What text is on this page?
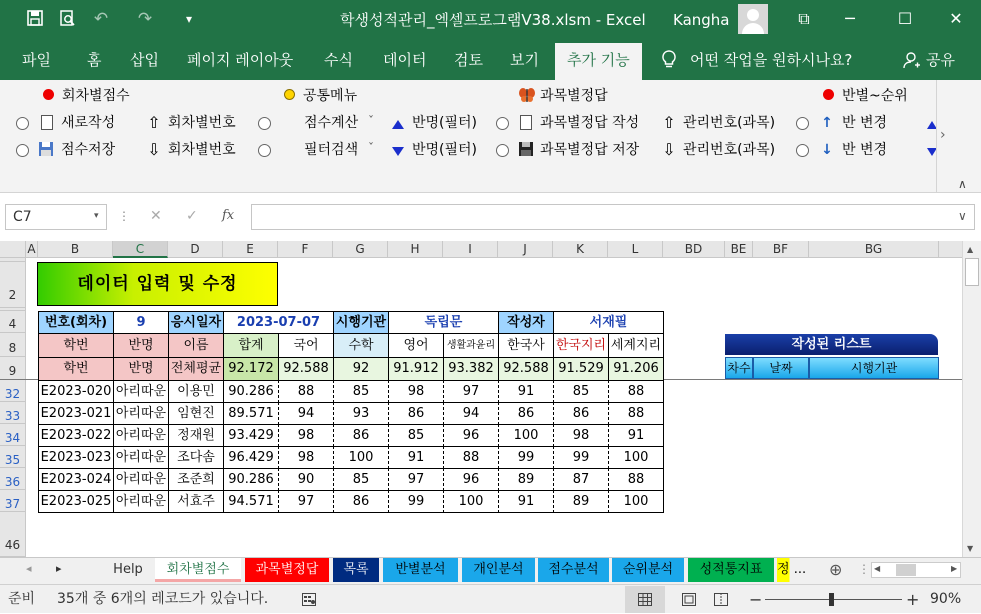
↶ ↷	▾	학생성적관리_엑셀프로그램V38.xlsm - Excel Kangha	⧉	─	☐	✕
파일 홈 삽입 페이지 레이아웃 수식 데이터 검토 보기	추가 기능	어떤 작업을 원하시나요?	공유
회차별점수
새로작성
점수저장
⇧ 회차별번호
⇩ 회차별번호
공통메뉴
점수계산 ˇ
필터검색 ˇ
반명(필터)
반명(필터)
과목별정답
과목별정답 작성
과목별정답 저장
⇧ 관리번호(과목)
⇩ 관리번호(과목)
반별~순위
↑ 반 변경
↓ 반 변경
›
∧
C7	▾ ⋮ ✕ ✓ fx	∨
A	B	C	D	E	F	G	H	I	J	K	L	BD	BE	BF	BG
2
4
8
9
32
33
34
35
36
37
46
데이터 입력 및 수정
작성된 리스트
차수	날짜	시행기관
번호(회차)	9	응시일자	2023-07-07	시행기관	독립문	작성자	서재필
학번	반명	이름	합계	국어	수학	영어	생활과윤리 한국사 한국지리 세계지리
학번	반명	전체평균 92.172 92.588	92	91.912 93.382 92.588 91.529 91.206
E2023-020 아리따운 이용민	90.286	88	85	98	97	91	85	88
E2023-021 아리따운 임현진	89.571	94	93	86	94	86	86	88
E2023-022 아리따운 정재원	93.429	98	86	85	96	100	98	91
E2023-023 아리따운 조다솜	96.429	98	100	91	88	99	99	100
E2023-024 아리따운 조준희	90.286	90	85	97	96	89	87	88
E2023-025 아리따운 서효주	94.571	97	86	99	100	91	89	100
▲
▼
◂ ▸	Help	회차별점수	과목별정답	목록	반별분석	개인분석	점수분석	순위분석	성적통지표	정 ...	⊕ ⋮ ◀	▶
준비 35개 중 6개의 레코드가 있습니다.	−	+ 90%
